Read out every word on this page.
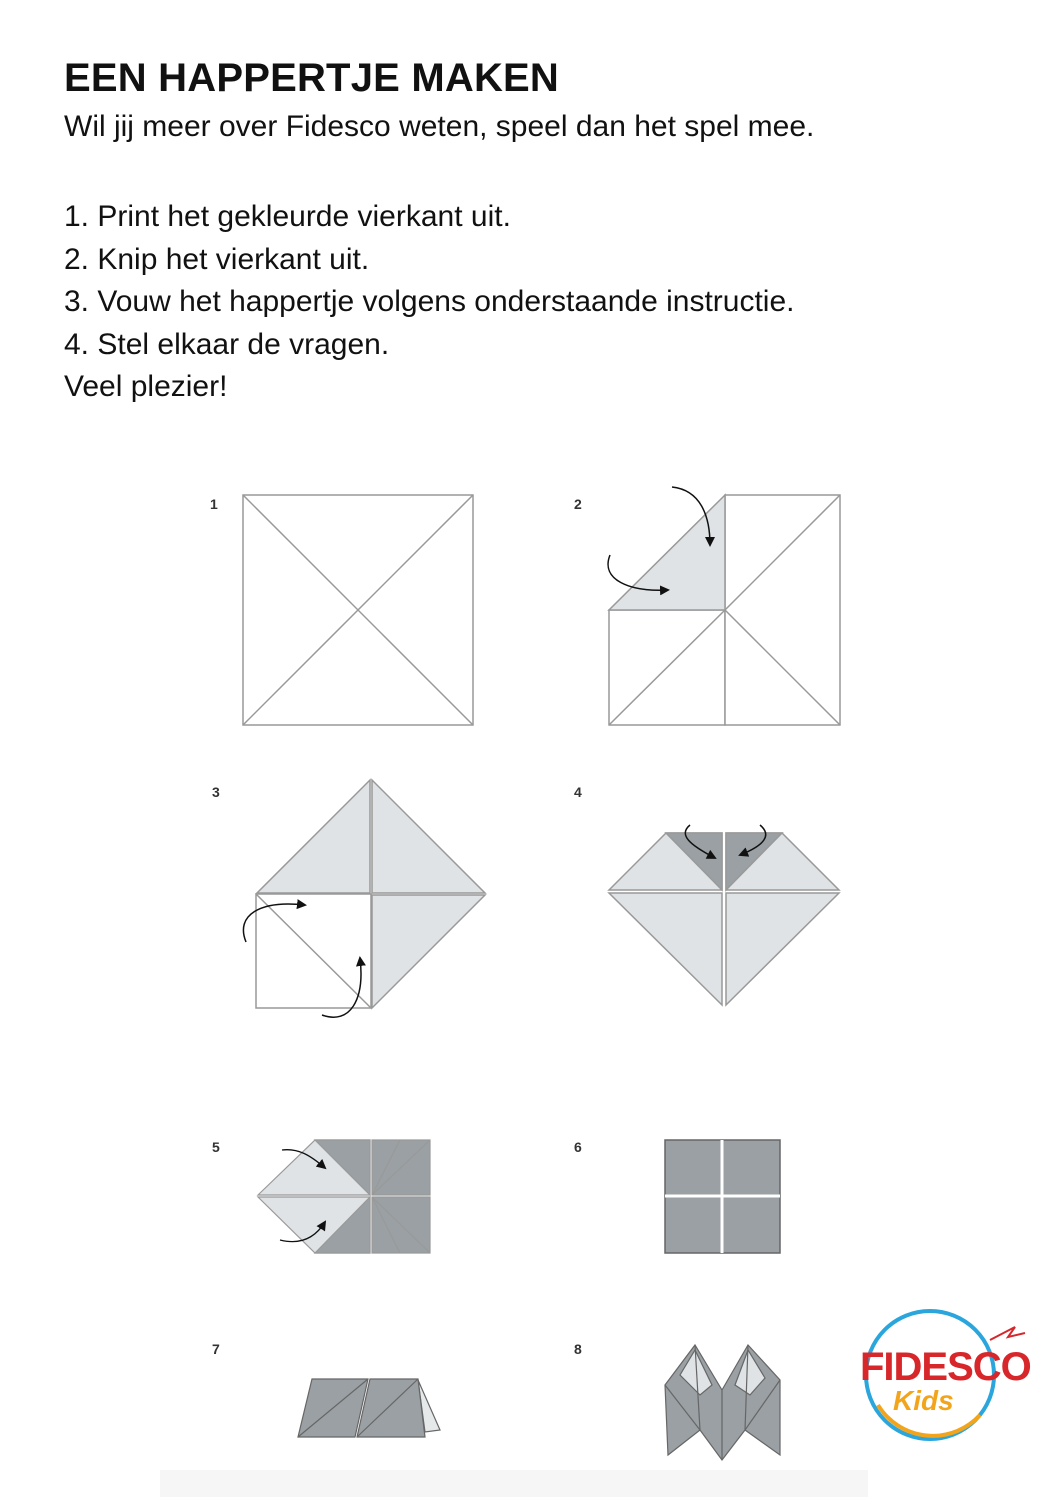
EEN HAPPERTJE MAKEN
Wil jij meer over Fidesco weten, speel dan het spel mee.
1. Print het gekleurde vierkant uit.
2. Knip het vierkant uit.
3. Vouw het happertje volgens onderstaande instructie.
4. Stel elkaar de vragen.
Veel plezier!
1	2
3	4
5	6
7	8	FIDESCO
Kids
